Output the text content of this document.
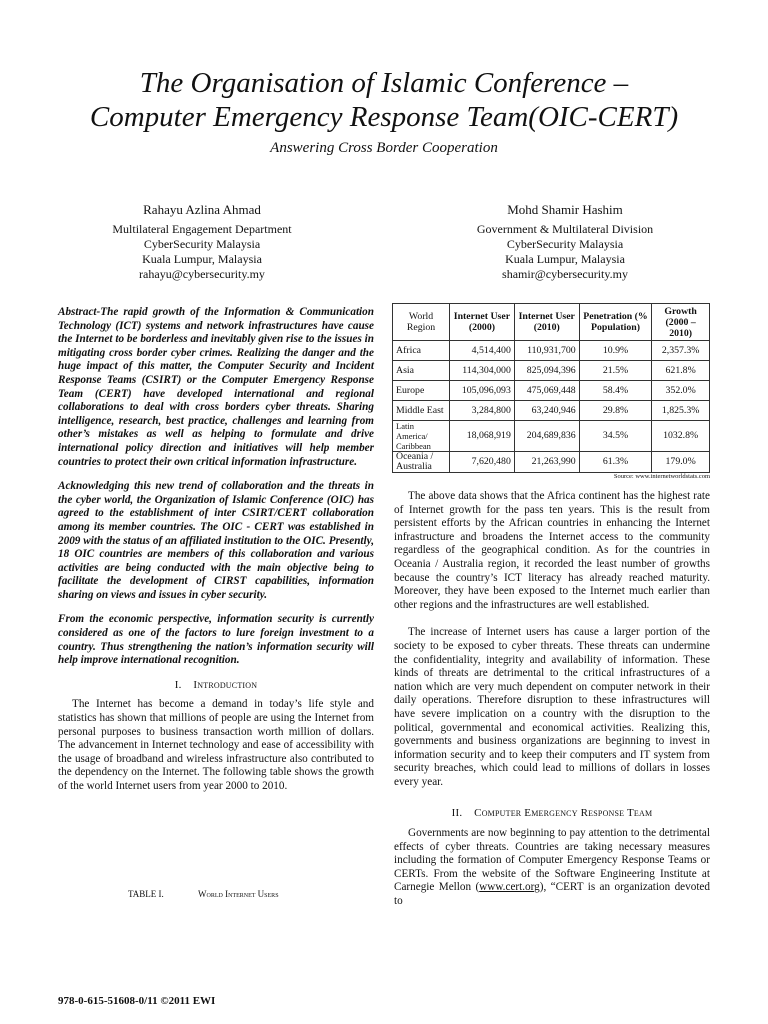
The Organisation of Islamic Conference –
Computer Emergency Response Team(OIC-CERT)
Answering Cross Border Cooperation
Rahayu Azlina Ahmad
Multilateral Engagement Department
CyberSecurity Malaysia
Kuala Lumpur, Malaysia
rahayu@cybersecurity.my
Mohd Shamir Hashim
Government & Multilateral Division
CyberSecurity Malaysia
Kuala Lumpur, Malaysia
shamir@cybersecurity.my

Abstract-The rapid growth of the Information & Communication Technology (ICT) systems and network infrastructures have cause the Internet to be borderless and inevitably given rise to the issues in mitigating cross border cyber crimes. Realizing the danger and the huge impact of this matter, the Computer Security and Incident Response Teams (CSIRT) or the Computer Emergency Response Team (CERT) have developed international and regional collaborations to deal with cross borders cyber threats. Sharing intelligence, research, best practice, challenges and learning from other’s mistakes as well as helping to formulate and drive international policy direction and initiatives will help member countries to protect their own critical information infrastructure.

Acknowledging this new trend of collaboration and the threats in the cyber world, the Organization of Islamic Conference (OIC) has agreed to the establishment of inter CSIRT/CERT collaboration among its member countries. The OIC - CERT was established in 2009 with the status of an affiliated institution to the OIC. Presently, 18 OIC countries are members of this collaboration and various activities are being conducted with the main objective being to facilitate the development of CIRST capabilities, information sharing on views and issues in cyber security.

From the economic perspective, information security is currently considered as one of the factors to lure foreign investment to a country. Thus strengthening the nation’s information security will help improve international recognition.

I. Introduction

The Internet has become a demand in today’s life style and statistics has shown that millions of people are using the Internet from personal purposes to business transaction worth million of dollars. The advancement in Internet technology and ease of accessibility with the usage of broadband and wireless infrastructure also contributed to the dependency on the Internet. The following table shows the growth of the world Internet users from year 2000 to 2010.

TABLE I.	World Internet Users
978-0-615-51608-0/11 ©2011 EWI
World Region	Internet User (2000)	Internet User (2010)	Penetration (% Population)	Growth (2000 – 2010)
Africa	4,514,400	110,931,700	10.9%	2,357.3%
Asia	114,304,000	825,094,396	21.5%	621.8%
Europe	105,096,093	475,069,448	58.4%	352.0%
Middle East	3,284,800	63,240,946	29.8%	1,825.3%
Latin America/ Caribbean	18,068,919	204,689,836	34.5%	1032.8%
Oceania / Australia	7,620,480	21,263,990	61.3%	179.0%
Source: www.internetworldstats.com

The above data shows that the Africa continent has the highest rate of Internet growth for the pass ten years. This is the result from persistent efforts by the African countries in enhancing the Internet infrastructure and broadens the Internet access to the community regardless of the geographical condition. As for the countries in Oceania / Australia region, it recorded the least number of growths because the country’s ICT literacy has already reached maturity. Moreover, they have been exposed to the Internet much earlier than other regions and the infrastructures are well established.

The increase of Internet users has cause a larger portion of the society to be exposed to cyber threats. These threats can undermine the confidentiality, integrity and availability of information. These kinds of threats are detrimental to the critical infrastructures of a nation which are very much dependent on computer network in their daily operations. Therefore disruption to these infrastructures will have severe implication on a country with the disruption to the political, governmental and economical activities. Realizing this, governments and business organizations are beginning to invest in information security and to keep their computers and IT system from security breaches, which could lead to millions of dollars in losses every year.

II. Computer Emergency Response Team

Governments are now beginning to pay attention to the detrimental effects of cyber threats. Countries are taking necessary measures including the formation of Computer Emergency Response Teams or CERTs. From the website of the Software Engineering Institute at Carnegie Mellon (www.cert.org), “CERT is an organization devoted to
